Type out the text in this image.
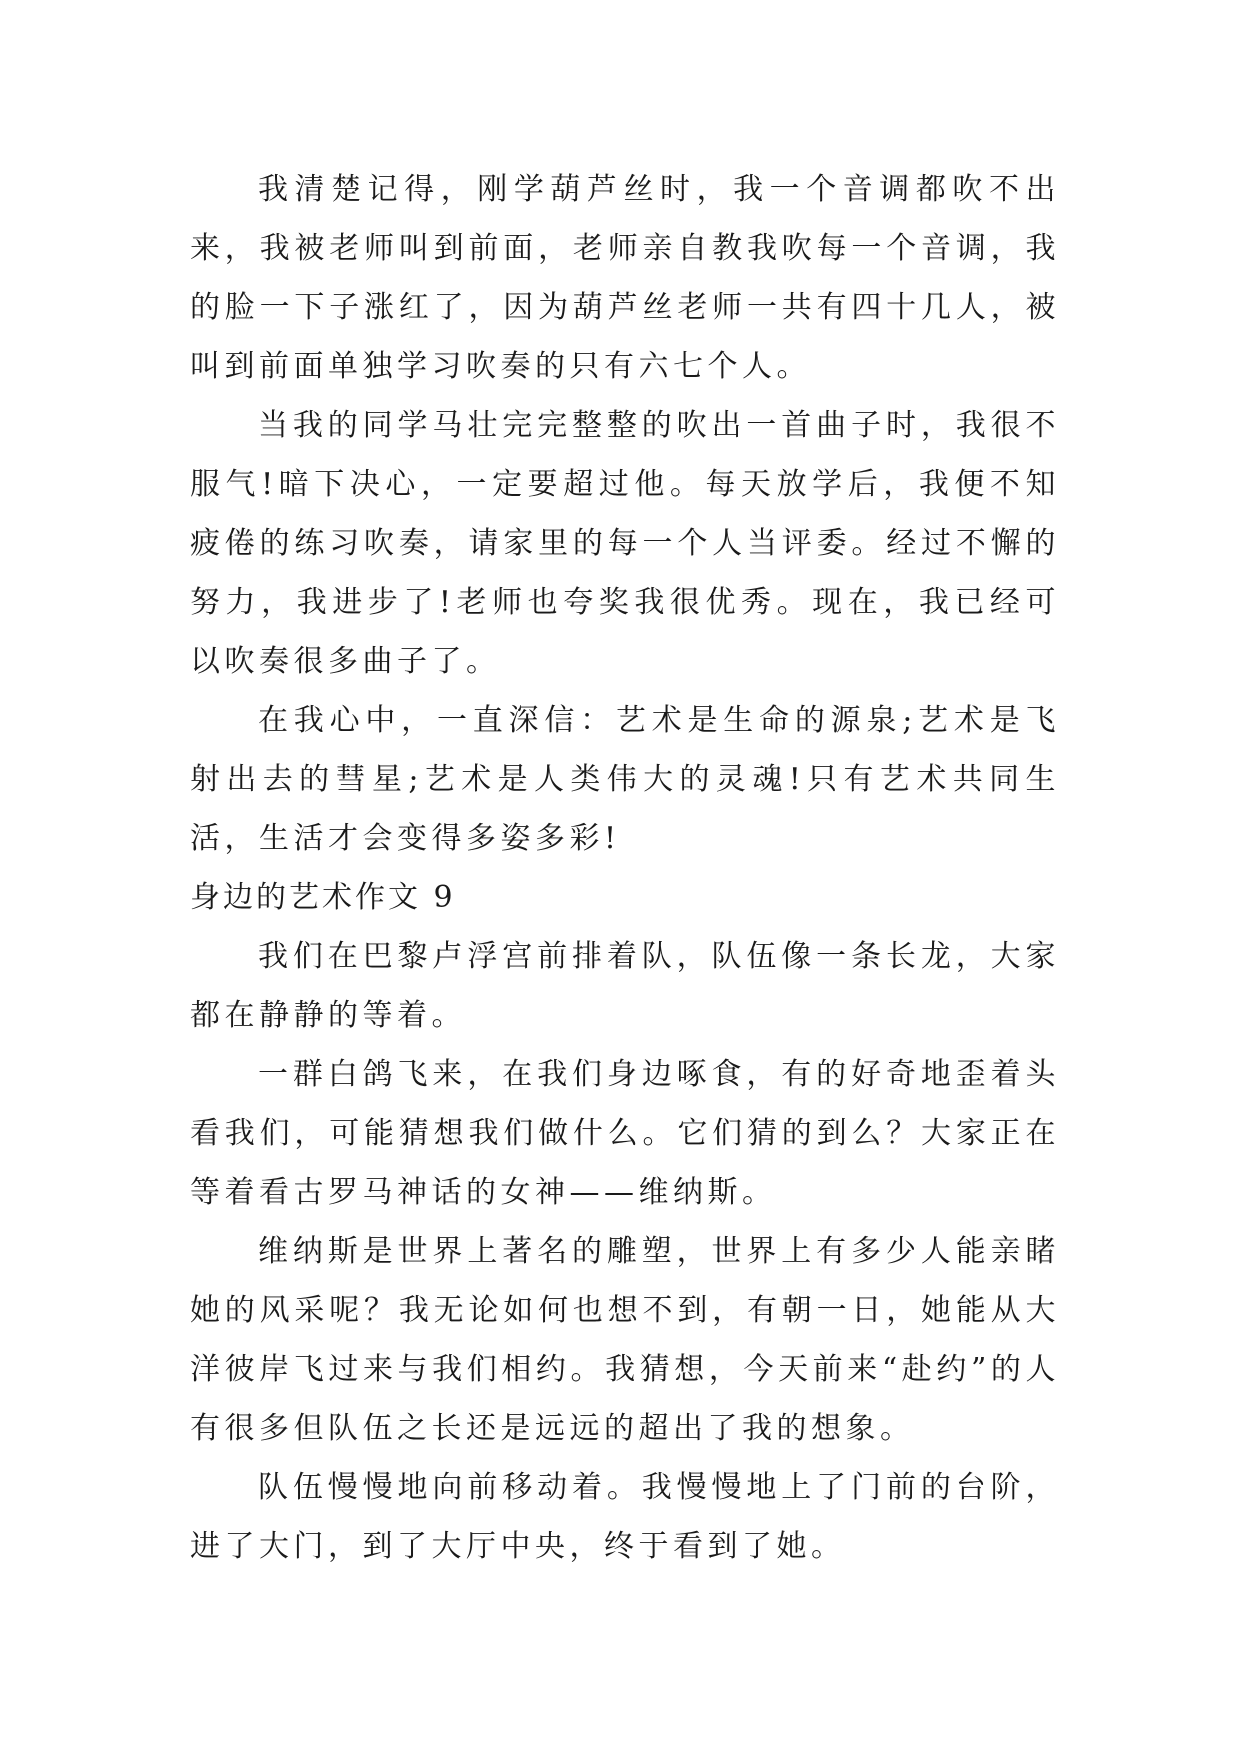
我清楚记得，刚学葫芦丝时，我一个音调都吹不出来，我被老师叫到前面，老师亲自教我吹每一个音调，我的脸一下子涨红了，因为葫芦丝老师一共有四十几人，被叫到前面单独学习吹奏的只有六七个人。

当我的同学马壮完完整整的吹出一首曲子时，我很不服气!暗下决心，一定要超过他。每天放学后，我便不知疲倦的练习吹奏，请家里的每一个人当评委。经过不懈的努力，我进步了!老师也夸奖我很优秀。现在，我已经可以吹奏很多曲子了。

在我心中，一直深信：艺术是生命的源泉;艺术是飞射出去的彗星;艺术是人类伟大的灵魂!只有艺术共同生活，生活才会变得多姿多彩!

身边的艺术作文 9

我们在巴黎卢浮宫前排着队，队伍像一条长龙，大家都在静静的等着。

一群白鸽飞来，在我们身边啄食，有的好奇地歪着头看我们，可能猜想我们做什么。它们猜的到么？大家正在等着看古罗马神话的女神——维纳斯。

维纳斯是世界上著名的雕塑，世界上有多少人能亲睹她的风采呢？我无论如何也想不到，有朝一日，她能从大洋彼岸飞过来与我们相约。我猜想，今天前来“赴约”的人有很多但队伍之长还是远远的超出了我的想象。

队伍慢慢地向前移动着。我慢慢地上了门前的台阶，进了大门，到了大厅中央，终于看到了她。
